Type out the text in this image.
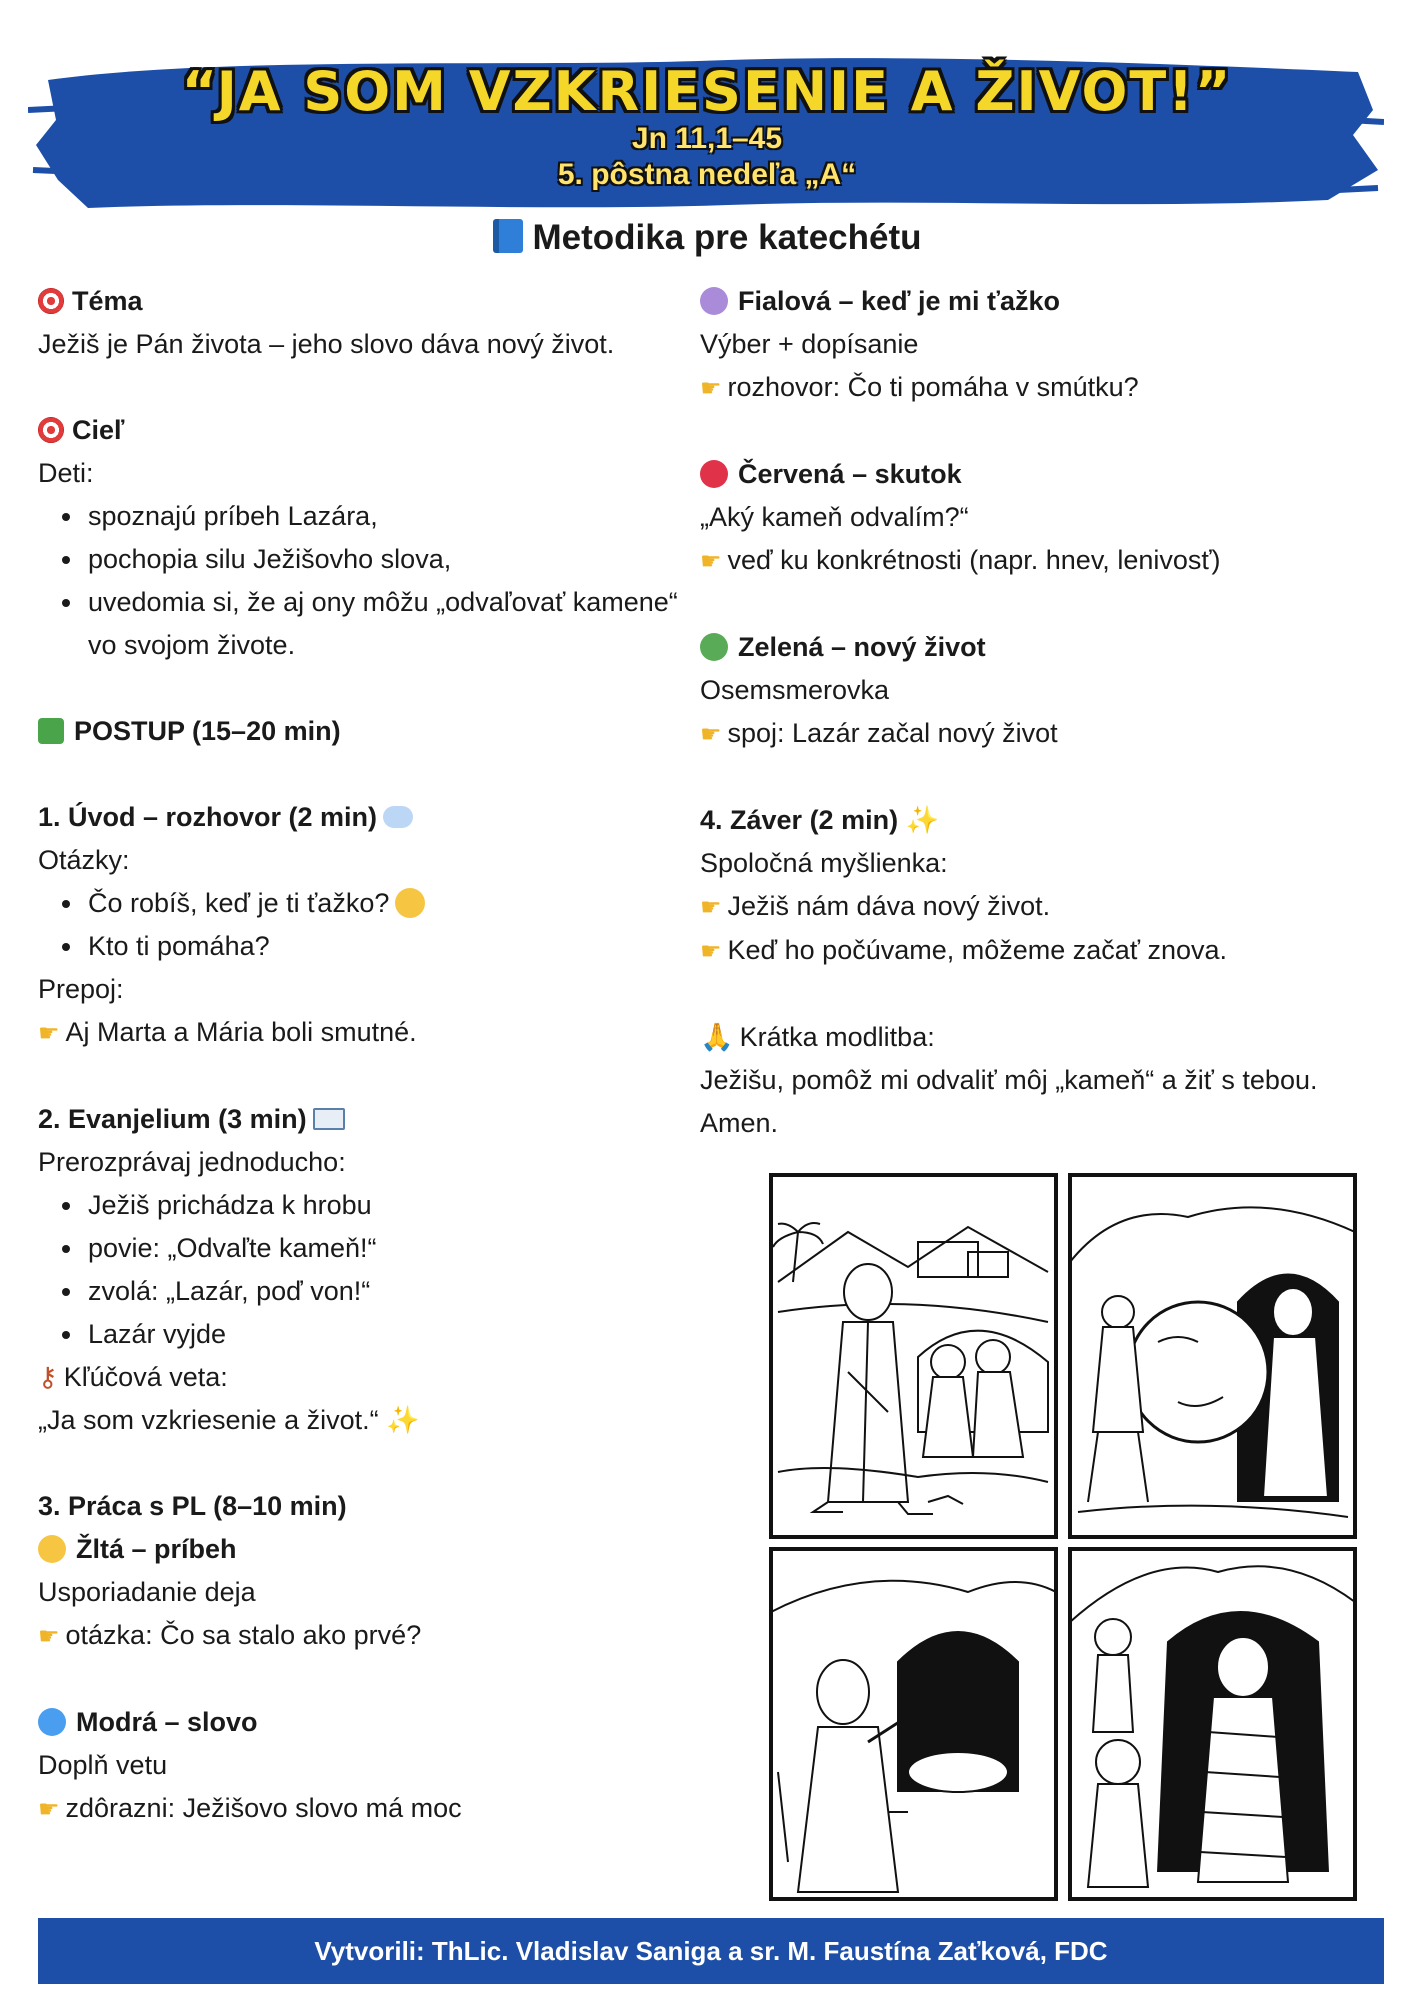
“JA SOM VZKRIESENIE A ŽIVOT!”
Jn 11,1–45
5. pôstna nedeľa „A“
Metodika pre katechétu
Téma
Ježiš je Pán života – jeho slovo dáva nový život.
Cieľ
Deti:
spoznajú príbeh Lazára,
pochopia silu Ježišovho slova,
uvedomia si, že aj ony môžu „odvaľovať kamene“ vo svojom živote.
POSTUP (15–20 min)
1. Úvod – rozhovor (2 min)
Otázky:
Čo robíš, keď je ti ťažko?
Kto ti pomáha?
Prepoj:
☛ Aj Marta a Mária boli smutné.
2. Evanjelium (3 min)
Prerozprávaj jednoducho:
Ježiš prichádza k hrobu
povie: „Odvaľte kameň!“
zvolá: „Lazár, poď von!“
Lazár vyjde
⚷ Kľúčová veta:
„Ja som vzkriesenie a život.“ ✨
3. Práca s PL (8–10 min)
Žltá – príbeh
Usporiadanie deja
☛ otázka: Čo sa stalo ako prvé?
Modrá – slovo
Doplň vetu
☛ zdôrazni: Ježišovo slovo má moc
Fialová – keď je mi ťažko
Výber + dopísanie
☛ rozhovor: Čo ti pomáha v smútku?
Červená – skutok
„Aký kameň odvalím?“
☛ veď ku konkrétnosti (napr. hnev, lenivosť)
Zelená – nový život
Osemsmerovka
☛ spoj: Lazár začal nový život
4. Záver (2 min) ✨
Spoločná myšlienka:
☛ Ježiš nám dáva nový život.
☛ Keď ho počúvame, môžeme začať znova.
🙏 Krátka modlitba:
Ježišu, pomôž mi odvaliť môj „kameň“ a žiť s tebou.
Amen.
Vytvorili: ThLic. Vladislav Saniga a sr. M. Faustína Zaťková, FDC
